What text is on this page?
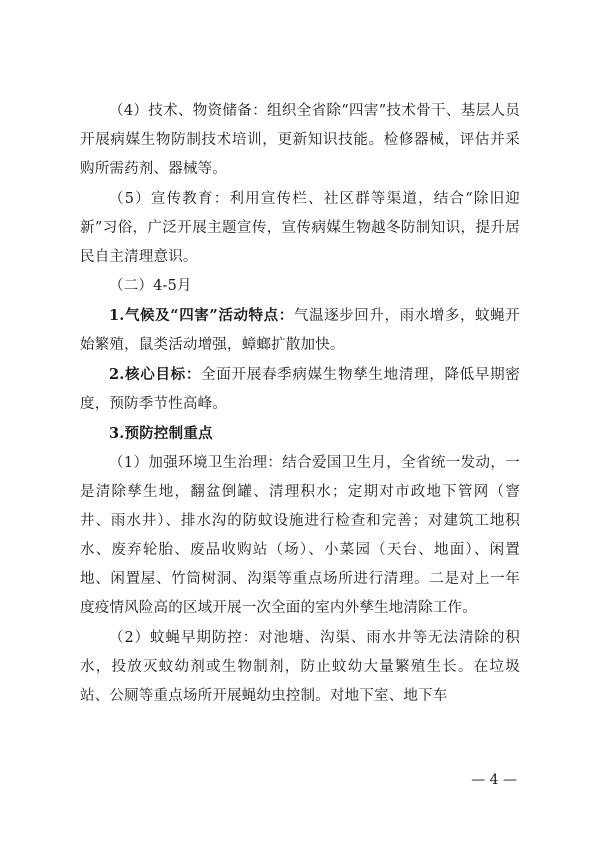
（4）技术、物资储备：组织全省除“四害”技术骨干、基层人员开展病媒生物防制技术培训，更新知识技能。检修器械，评估并采购所需药剂、器械等。

（5）宣传教育：利用宣传栏、社区群等渠道，结合“除旧迎新”习俗，广泛开展主题宣传，宣传病媒生物越冬防制知识，提升居民自主清理意识。

（二）4-5月

1.气候及“四害”活动特点：气温逐步回升，雨水增多，蚊蝇开始繁殖，鼠类活动增强，蟑螂扩散加快。

2.核心目标：全面开展春季病媒生物孳生地清理，降低早期密度，预防季节性高峰。

3.预防控制重点

（1）加强环境卫生治理：结合爱国卫生月，全省统一发动，一是清除孳生地，翻盆倒罐、清理积水；定期对市政地下管网（窨井、雨水井）、排水沟的防蚊设施进行检查和完善；对建筑工地积水、废弃轮胎、废品收购站（场）、小菜园（天台、地面）、闲置地、闲置屋、竹筒树洞、沟渠等重点场所进行清理。二是对上一年度疫情风险高的区域开展一次全面的室内外孳生地清除工作。

（2）蚊蝇早期防控：对池塘、沟渠、雨水井等无法清除的积水，投放灭蚊幼剂或生物制剂，防止蚊幼大量繁殖生长。在垃圾站、公厕等重点场所开展蝇幼虫控制。对地下室、地下车

— 4 —
